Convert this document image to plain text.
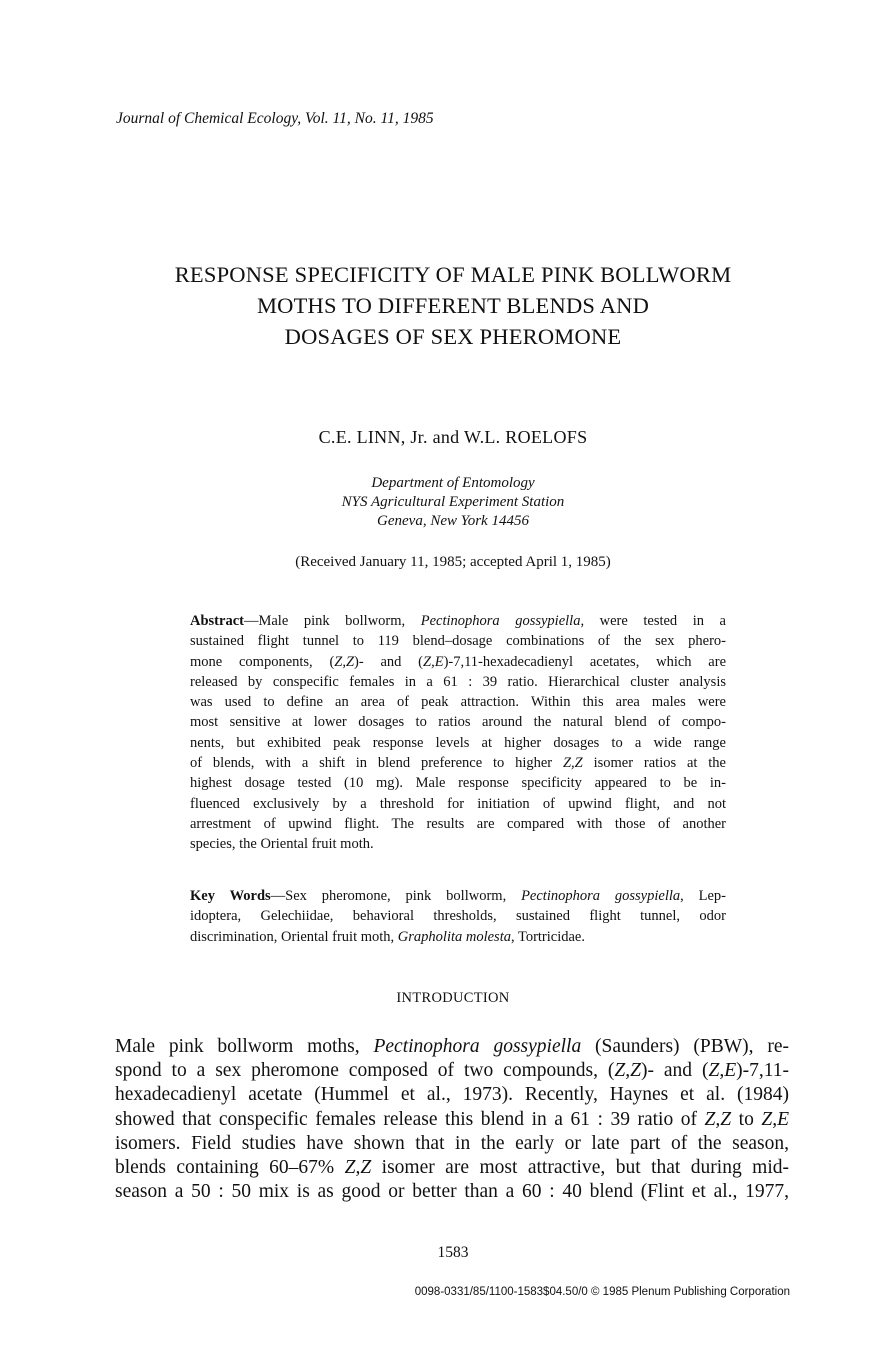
Journal of Chemical Ecology, Vol. 11, No. 11, 1985
RESPONSE SPECIFICITY OF MALE PINK BOLLWORM
MOTHS TO DIFFERENT BLENDS AND
DOSAGES OF SEX PHEROMONE
C.E. LINN, Jr. and W.L. ROELOFS
Department of Entomology
NYS Agricultural Experiment Station
Geneva, New York 14456
(Received January 11, 1985; accepted April 1, 1985)
Abstract—Male pink bollworm, Pectinophora gossypiella, were tested in a
sustained flight tunnel to 119 blend–dosage combinations of the sex phero-
mone components, (Z,Z)- and (Z,E)-7,11-hexadecadienyl acetates, which are
released by conspecific females in a 61 : 39 ratio. Hierarchical cluster analysis
was used to define an area of peak attraction. Within this area males were
most sensitive at lower dosages to ratios around the natural blend of compo-
nents, but exhibited peak response levels at higher dosages to a wide range
of blends, with a shift in blend preference to higher Z,Z isomer ratios at the
highest dosage tested (10 mg). Male response specificity appeared to be in-
fluenced exclusively by a threshold for initiation of upwind flight, and not
arrestment of upwind flight. The results are compared with those of another
species, the Oriental fruit moth.
Key Words—Sex pheromone, pink bollworm, Pectinophora gossypiella, Lep-
idoptera, Gelechiidae, behavioral thresholds, sustained flight tunnel, odor
discrimination, Oriental fruit moth, Grapholita molesta, Tortricidae.
INTRODUCTION
Male pink bollworm moths, Pectinophora gossypiella (Saunders) (PBW), re-
spond to a sex pheromone composed of two compounds, (Z,Z)- and (Z,E)-7,11-
hexadecadienyl acetate (Hummel et al., 1973). Recently, Haynes et al. (1984)
showed that conspecific females release this blend in a 61 : 39 ratio of Z,Z to Z,E
isomers. Field studies have shown that in the early or late part of the season,
blends containing 60–67% Z,Z isomer are most attractive, but that during mid-
season a 50 : 50 mix is as good or better than a 60 : 40 blend (Flint et al., 1977,
1583
0098-0331/85/1100-1583$04.50/0 © 1985 Plenum Publishing Corporation
